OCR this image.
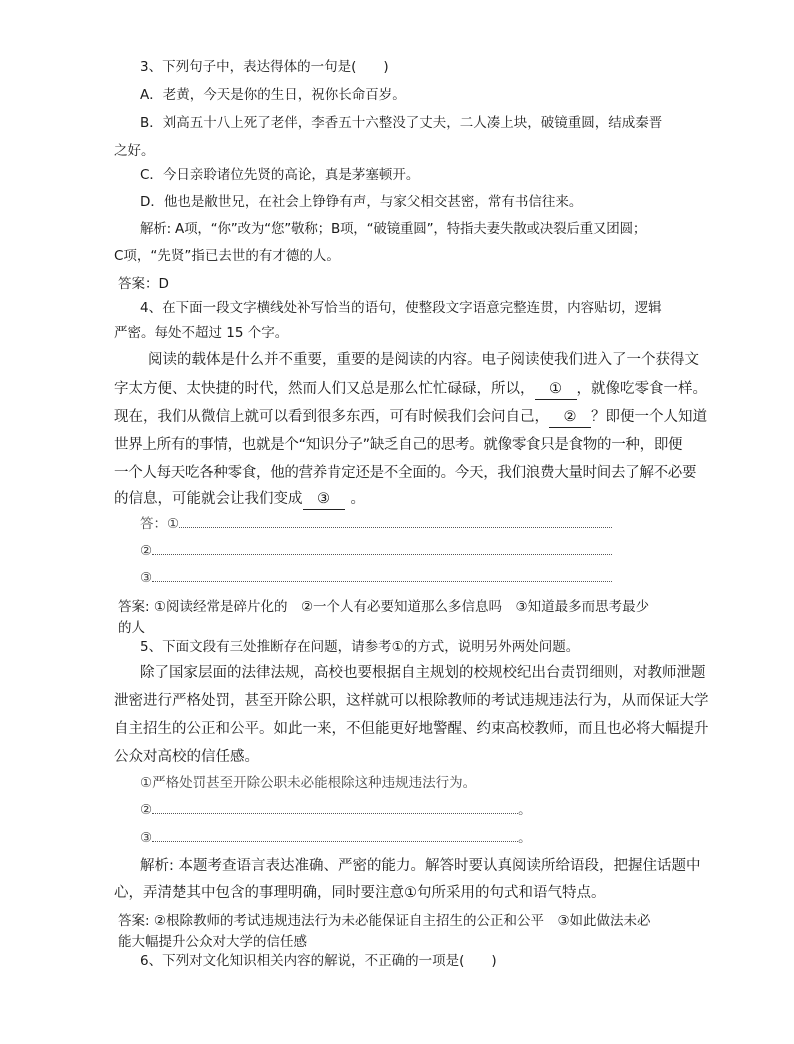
3、下列句子中，表达得体的一句是(　　)
A．老黄，今天是你的生日，祝你长命百岁。
B．刘高五十八上死了老伴，李香五十六整没了丈夫，二人凑上块，破镜重圆，结成秦晋
之好。
C．今日亲聆诸位先贤的高论，真是茅塞顿开。
D．他也是敝世兄，在社会上铮铮有声，与家父相交甚密，常有书信往来。
解析: A项，“你”改为“您”敬称；B项，“破镜重圆”，特指夫妻失散或决裂后重又团圆；
C项，“先贤”指已去世的有才德的人。
答案：D
4、在下面一段文字横线处补写恰当的语句，使整段文字语意完整连贯，内容贴切，逻辑
严密。每处不超过 15 个字。
阅读的载体是什么并不重要，重要的是阅读的内容。电子阅读使我们进入了一个获得文
字太方便、太快捷的时代，然而人们又总是那么忙忙碌碌，所以， ① ，就像吃零食一样。
现在，我们从微信上就可以看到很多东西，可有时候我们会问自己， ② ？即便一个人知道
世界上所有的事情，也就是个“知识分子”缺乏自己的思考。就像零食只是食物的一种，即便
一个人每天吃各种零食，他的营养肯定还是不全面的。今天，我们浪费大量时间去了解不必要
的信息，可能就会让我们变成 ③ 。
答：①
②
③
答案: ①阅读经常是碎片化的　②一个人有必要知道那么多信息吗　③知道最多而思考最少
的人
5、下面文段有三处推断存在问题，请参考①的方式，说明另外两处问题。
除了国家层面的法律法规，高校也要根据自主规划的校规校纪出台责罚细则，对教师泄题
泄密进行严格处罚，甚至开除公职，这样就可以根除教师的考试违规违法行为，从而保证大学
自主招生的公正和公平。如此一来，不但能更好地警醒、约束高校教师，而且也必将大幅提升
公众对高校的信任感。
①严格处罚甚至开除公职未必能根除这种违规违法行为。
②	。
③	。
解析: 本题考查语言表达准确、严密的能力。解答时要认真阅读所给语段，把握住话题中
心，弄清楚其中包含的事理明确，同时要注意①句所采用的句式和语气特点。
答案: ②根除教师的考试违规违法行为未必能保证自主招生的公正和公平　③如此做法未必
能大幅提升公众对大学的信任感
6、下列对文化知识相关内容的解说，不正确的一项是(　　)
